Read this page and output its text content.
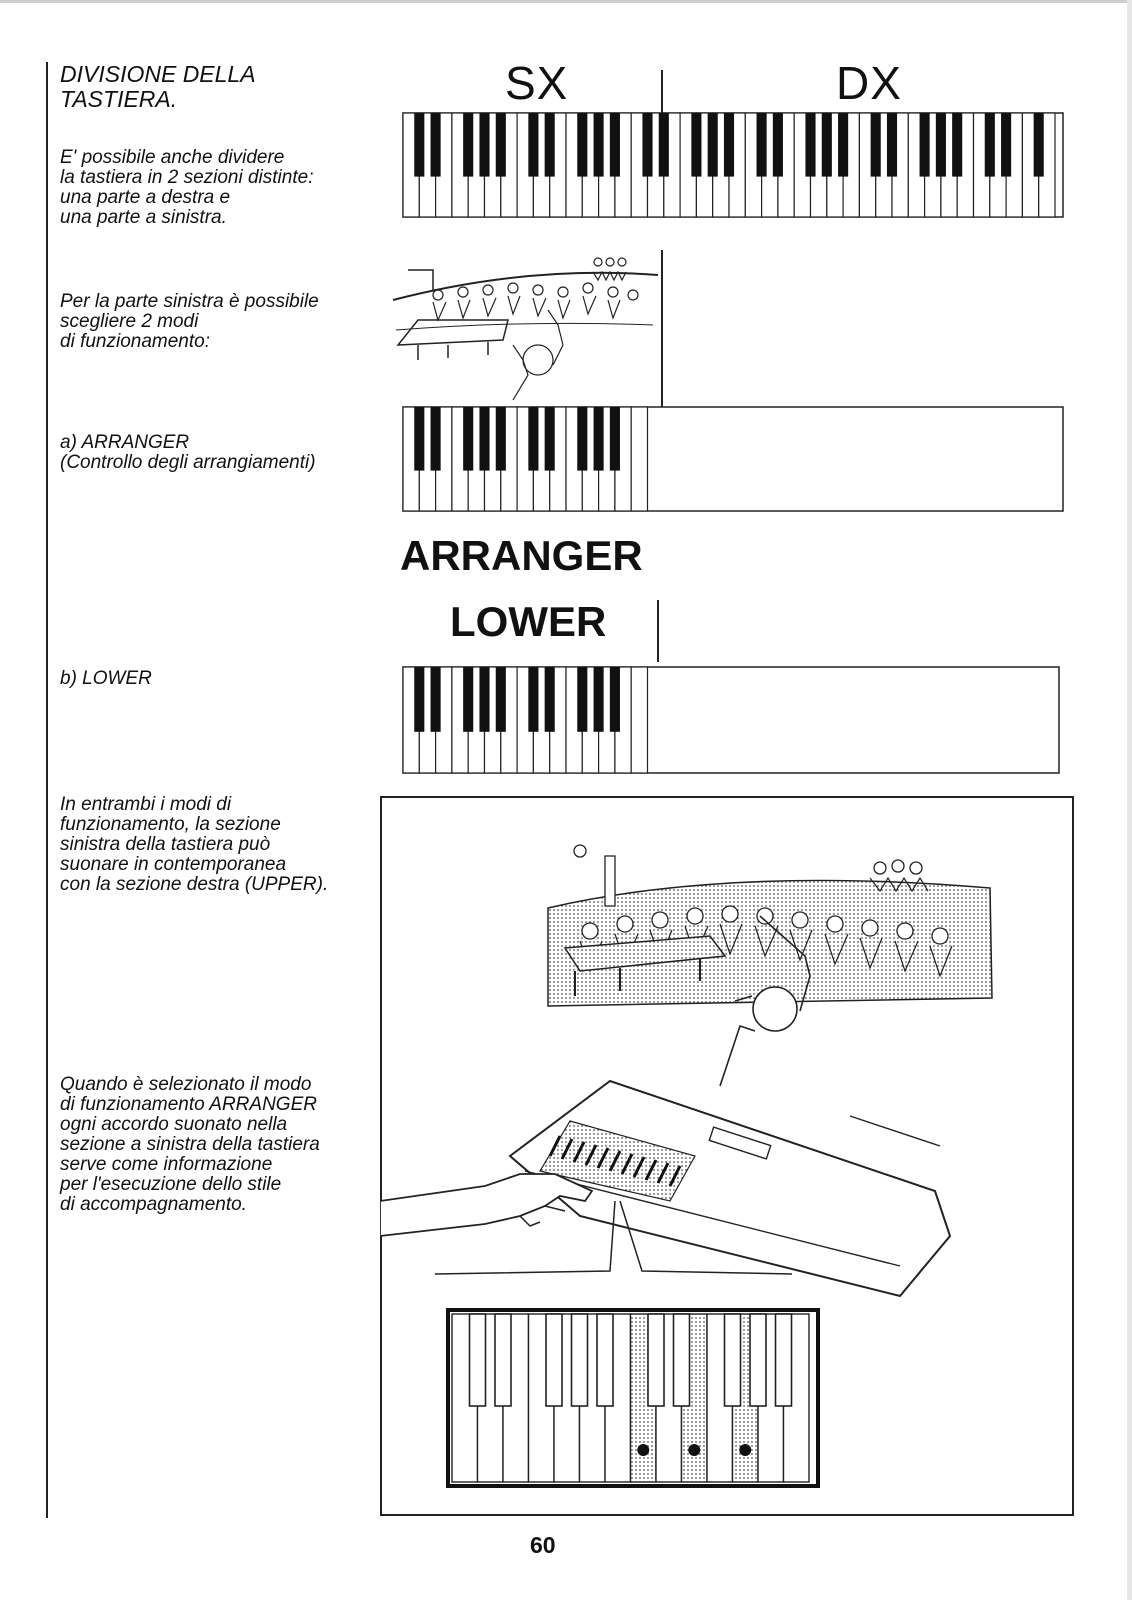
DIVISIONE DELLA
TASTIERA.
E' possibile anche dividere
la tastiera in 2 sezioni distinte:
una parte a destra e
una parte a sinistra.
Per la parte sinistra è possibile
scegliere 2 modi
di funzionamento:
a) ARRANGER
(Controllo degli arrangiamenti)
b) LOWER
In entrambi i modi di
funzionamento, la sezione
sinistra della tastiera può
suonare in contemporanea
con la sezione destra (UPPER).
Quando è selezionato il modo
di funzionamento ARRANGER
ogni accordo suonato nella
sezione a sinistra della tastiera
serve come informazione
per l'esecuzione dello stile
di accompagnamento.
SX	DX
ARRANGER
LOWER
60
